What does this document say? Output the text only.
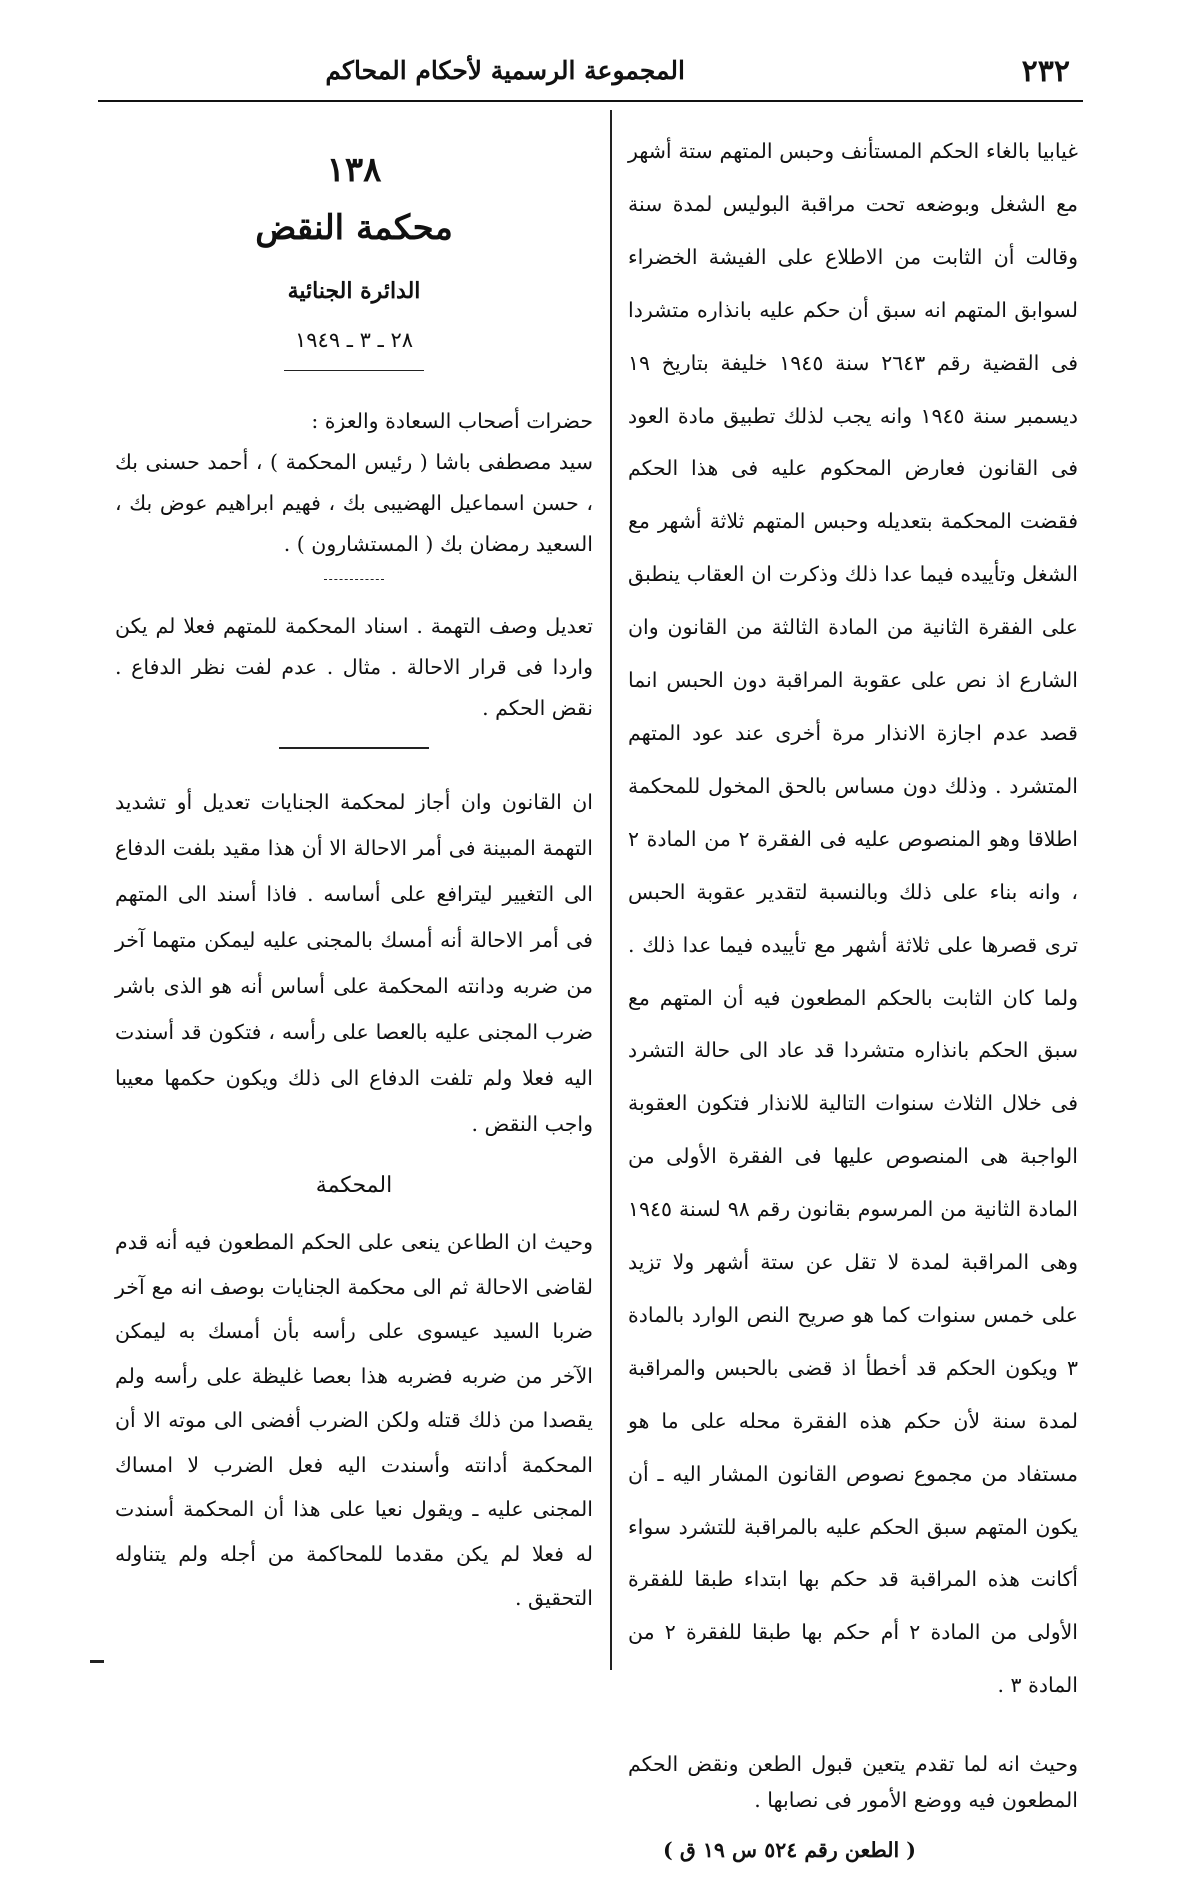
٢٣٢
المجموعة الرسمية لأحكام المحاكم

غيابيا بالغاء الحكم المستأنف وحبس المتهم ستة أشهر مع الشغل وبوضعه تحت مراقبة البوليس لمدة سنة وقالت أن الثابت من الاطلاع على الفيشة الخضراء لسوابق المتهم انه سبق أن حكم عليه بانذاره متشردا فى القضية رقم ٢٦٤٣ سنة ١٩٤٥ خليفة بتاريخ ١٩ ديسمبر سنة ١٩٤٥ وانه يجب لذلك تطبيق مادة العود فى القانون فعارض المحكوم عليه فى هذا الحكم فقضت المحكمة بتعديله وحبس المتهم ثلاثة أشهر مع الشغل وتأييده فيما عدا ذلك وذكرت ان العقاب ينطبق على الفقرة الثانية من المادة الثالثة من القانون وان الشارع اذ نص على عقوبة المراقبة دون الحبس انما قصد عدم اجازة الانذار مرة أخرى عند عود المتهم المتشرد . وذلك دون مساس بالحق المخول للمحكمة اطلاقا وهو المنصوص عليه فى الفقرة ٢ من المادة ٢ ، وانه بناء على ذلك وبالنسبة لتقدير عقوبة الحبس ترى قصرها على ثلاثة أشهر مع تأييده فيما عدا ذلك . ولما كان الثابت بالحكم المطعون فيه أن المتهم مع سبق الحكم بانذاره متشردا قد عاد الى حالة التشرد فى خلال الثلاث سنوات التالية للانذار فتكون العقوبة الواجبة هى المنصوص عليها فى الفقرة الأولى من المادة الثانية من المرسوم بقانون رقم ٩٨ لسنة ١٩٤٥ وهى المراقبة لمدة لا تقل عن ستة أشهر ولا تزيد على خمس سنوات كما هو صريح النص الوارد بالمادة ٣ ويكون الحكم قد أخطأ اذ قضى بالحبس والمراقبة لمدة سنة لأن حكم هذه الفقرة محله على ما هو مستفاد من مجموع نصوص القانون المشار اليه ـ أن يكون المتهم سبق الحكم عليه بالمراقبة للتشرد سواء أكانت هذه المراقبة قد حكم بها ابتداء طبقا للفقرة الأولى من المادة ٢ أم حكم بها طبقا للفقرة ٢ من المادة ٣ .

وحيث انه لما تقدم يتعين قبول الطعن ونقض الحكم المطعون فيه ووضع الأمور فى نصابها .

( الطعن رقم ٥٢٤ س ١٩ ق )

١٣٨

محكمة النقض

الدائرة الجنائية

٢٨ ـ ٣ ـ ١٩٤٩

حضرات أصحاب السعادة والعزة :

سيد مصطفى باشا ( رئيس المحكمة ) ، أحمد حسنى بك ، حسن اسماعيل الهضيبى بك ، فهيم ابراهيم عوض بك ، السعيد رمضان بك ( المستشارون ) .

تعديل وصف التهمة . اسناد المحكمة للمتهم فعلا لم يكن واردا فى قرار الاحالة . مثال . عدم لفت نظر الدفاع . نقض الحكم .

ان القانون وان أجاز لمحكمة الجنايات تعديل أو تشديد التهمة المبينة فى أمر الاحالة الا أن هذا مقيد بلفت الدفاع الى التغيير ليترافع على أساسه . فاذا أسند الى المتهم فى أمر الاحالة أنه أمسك بالمجنى عليه ليمكن متهما آخر من ضربه ودانته المحكمة على أساس أنه هو الذى باشر ضرب المجنى عليه بالعصا على رأسه ، فتكون قد أسندت اليه فعلا ولم تلفت الدفاع الى ذلك ويكون حكمها معيبا واجب النقض .

المحكمة

وحيث ان الطاعن ينعى على الحكم المطعون فيه أنه قدم لقاضى الاحالة ثم الى محكمة الجنايات بوصف انه مع آخر ضربا السيد عيسوى على رأسه بأن أمسك به ليمكن الآخر من ضربه فضربه هذا بعصا غليظة على رأسه ولم يقصدا من ذلك قتله ولكن الضرب أفضى الى موته الا أن المحكمة أدانته وأسندت اليه فعل الضرب لا امساك المجنى عليه ـ ويقول نعيا على هذا أن المحكمة أسندت له فعلا لم يكن مقدما للمحاكمة من أجله ولم يتناوله التحقيق .
